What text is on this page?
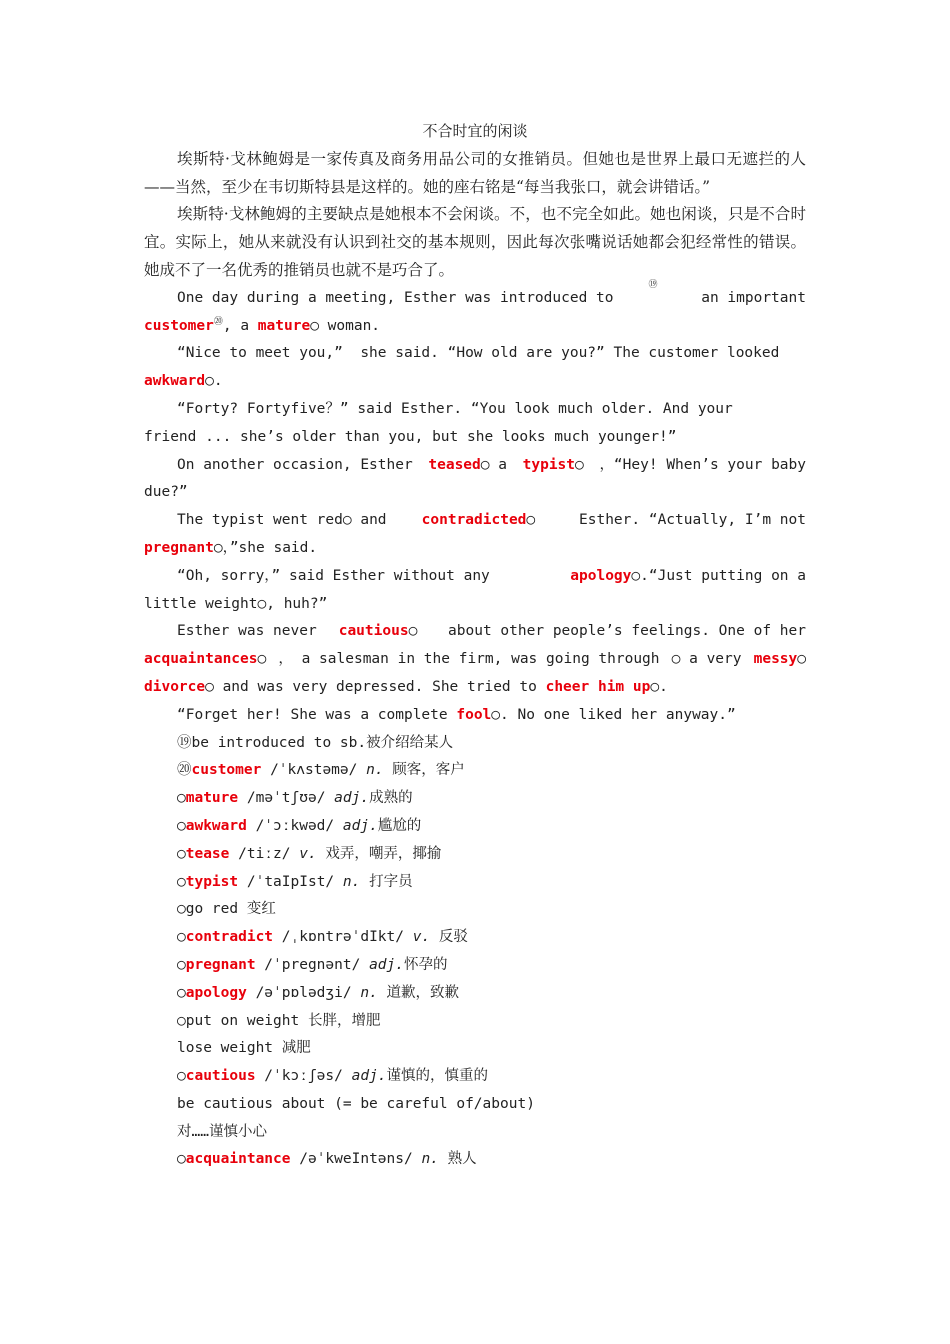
不合时宜的闲谈

埃斯特·戈林鲍姆是一家传真及商务用品公司的女推销员。但她也是世界上最口无遮拦的人——当然，至少在韦切斯特县是这样的。她的座右铭是“每当我张口，就会讲错话。”

埃斯特·戈林鲍姆的主要缺点是她根本不会闲谈。不，也不完全如此。她也闲谈，只是不合时宜。实际上，她从来就没有认识到社交的基本规则，因此每次张嘴说话她都会犯经常性的错误。她成不了一名优秀的推销员也就不是巧合了。

One day during a meeting, Esther was introduced to
⑲
an important
customer⑳, a mature○ woman.
“Nice to meet you,”  she said. “How old are you?” The customer looked
awkward○.
“Forty? Fortyfive？” said Esther. “You look much older. And your
friend ... she’s older than you, but she looks much younger!”
On another occasion, Esther teased○ a typist○ ，“Hey! When’s your baby
due?”
The typist went red○ and contradicted○ Esther. “Actually, I’m not
pregnant○，”she said.
“Oh, sorry，” said Esther without any	apology○.“Just putting on a
little weight○, huh?”
Esther was never cautious○ about other people’s feelings. One of her
acquaintances○ ， a salesman in the firm, was going through ○ a very messy○
divorce○ and was very depressed. She tried to cheer him up○.
“Forget her! She was a complete fool○. No one liked her anyway.”
⑲be introduced to sb.被介绍给某人
⑳customer /ˈkʌstəmə/ n. 顾客，客户
○mature /məˈtʃʊə/ adj.成熟的
○awkward /ˈɔːkwəd/ adj.尴尬的
○tease /tiːz/ v. 戏弄，嘲弄，揶揄
○typist /ˈtaIpIst/ n. 打字员
○go red 变红
○contradict /ˌkɒntrəˈdIkt/ v. 反驳
○pregnant /ˈpregnənt/ adj.怀孕的
○apology /əˈpɒlədʒi/ n. 道歉，致歉
○put on weight 长胖，增肥
lose weight 减肥
○cautious /ˈkɔːʃəs/ adj.谨慎的，慎重的
be cautious about (= be careful of/about)
对……谨慎小心
○acquaintance /əˈkweIntəns/ n. 熟人
